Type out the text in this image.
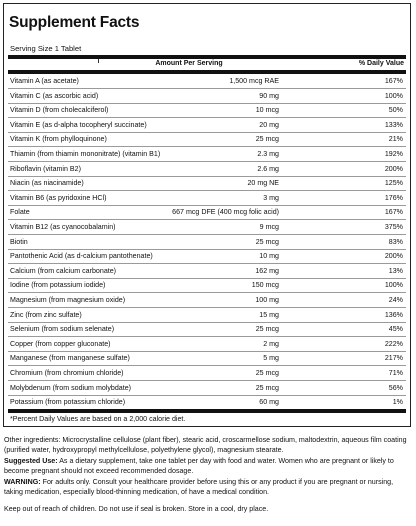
Supplement Facts
Serving Size 1 Tablet
Amount Per Serving	% Daily Value
Vitamin A (as acetate)	1,500 mcg RAE	167%
Vitamin C (as ascorbic acid)	90 mg	100%
Vitamin D (from cholecalciferol)	10 mcg	50%
Vitamin E (as d-alpha tocopheryl succinate)	20 mg	133%
Vitamin K (from phylloquinone)	25 mcg	21%
Thiamin (from thiamin mononitrate) (vitamin B1)	2.3 mg	192%
Riboflavin (vitamin B2)	2.6 mg	200%
Niacin (as niacinamide)	20 mg NE	125%
Vitamin B6 (as pyridoxine HCl)	3 mg	176%
Folate	667 mcg DFE (400 mcg folic acid)	167%
Vitamin B12 (as cyanocobalamin)	9 mcg	375%
Biotin	25 mcg	83%
Pantothenic Acid (as d-calcium pantothenate)	10 mg	200%
Calcium (from calcium carbonate)	162 mg	13%
Iodine (from potassium iodide)	150 mcg	100%
Magnesium (from magnesium oxide)	100 mg	24%
Zinc (from zinc sulfate)	15 mg	136%
Selenium (from sodium selenate)	25 mcg	45%
Copper (from copper gluconate)	2 mg	222%
Manganese (from manganese sulfate)	5 mg	217%
Chromium (from chromium chloride)	25 mcg	71%
Molybdenum (from sodium molybdate)	25 mcg	56%
Potassium (from potassium chloride)	60 mg	1%
*Percent Daily Values are based on a 2,000 calorie diet.
Other ingredients: Microcrystalline cellulose (plant fiber), stearic acid, croscarmellose sodium, maltodextrin, aqueous film coating (purified water, hydroxypropyl methylcellulose, polyethylene glycol), magnesium stearate.
Suggested Use: As a dietary supplement, take one tablet per day with food and water. Women who are pregnant or likely to become pregnant should not exceed recommended dosage.
WARNING: For adults only. Consult your healthcare provider before using this or any product if you are pregnant or nursing, taking medication, especially blood-thinning medication, of have a medical condition.
Keep out of reach of children. Do not use if seal is broken. Store in a cool, dry place.
